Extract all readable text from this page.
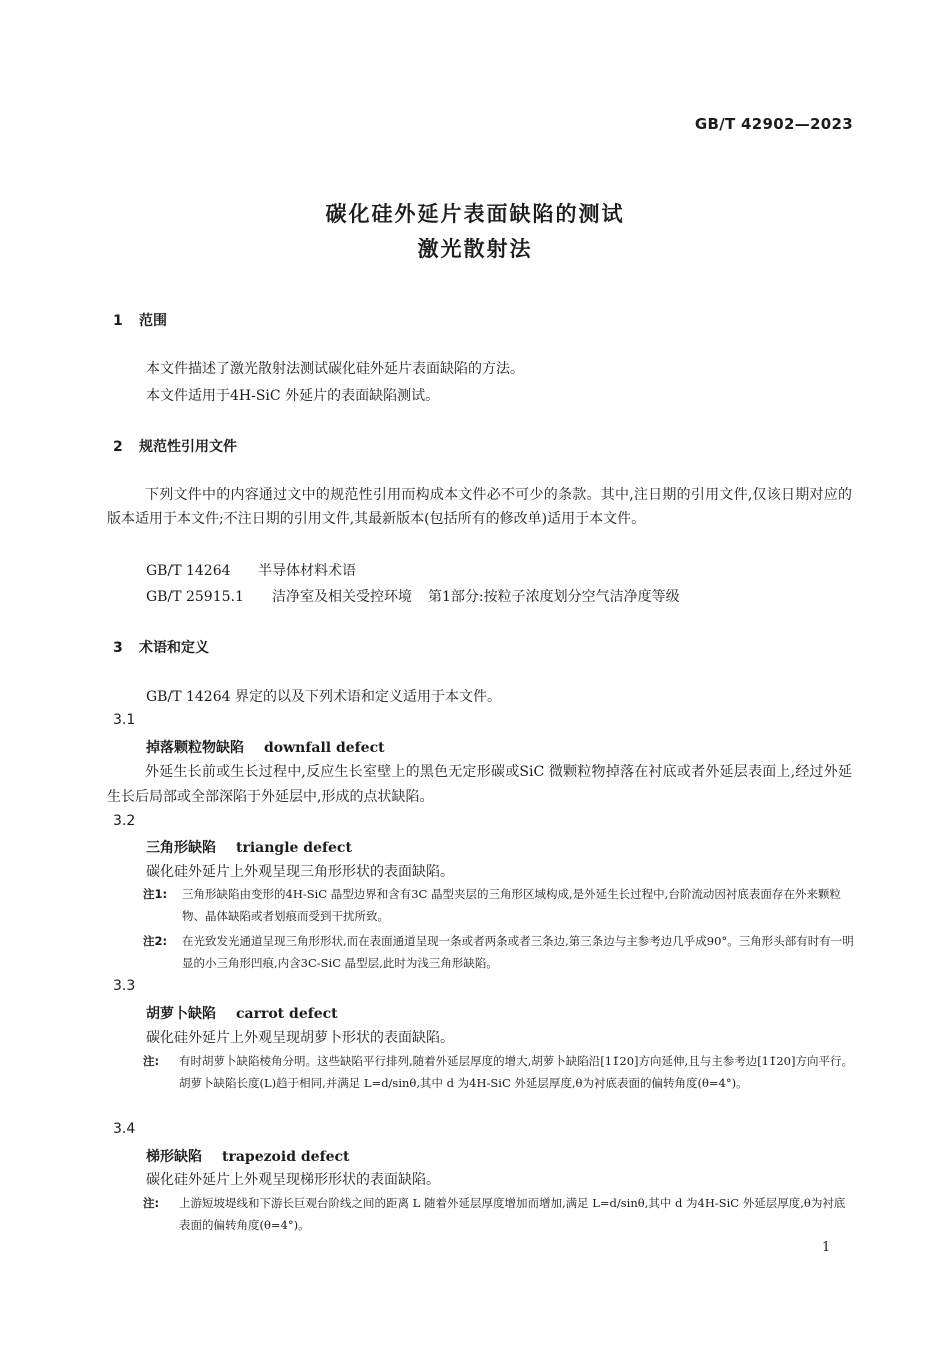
GB/T 42902—2023
碳化硅外延片表面缺陷的测试
激光散射法
1 范围
本文件描述了激光散射法测试碳化硅外延片表面缺陷的方法。
本文件适用于4H-SiC 外延片的表面缺陷测试。
2 规范性引用文件
下列文件中的内容通过文中的规范性引用而构成本文件必不可少的条款。其中,注日期的引用文件,仅该日期对应的版本适用于本文件;不注日期的引用文件,其最新版本(包括所有的修改单)适用于本文件。
GB/T 14264 半导体材料术语
GB/T 25915.1 洁净室及相关受控环境 第1部分:按粒子浓度划分空气洁净度等级
3 术语和定义
GB/T 14264 界定的以及下列术语和定义适用于本文件。
3.1
掉落颗粒物缺陷 downfall defect
外延生长前或生长过程中,反应生长室壁上的黑色无定形碳或SiC 微颗粒物掉落在衬底或者外延层表面上,经过外延生长后局部或全部深陷于外延层中,形成的点状缺陷。
3.2
三角形缺陷 triangle defect
碳化硅外延片上外观呈现三角形形状的表面缺陷。
注1:	三角形缺陷由变形的4H-SiC 晶型边界和含有3C 晶型夹层的三角形区域构成,是外延生长过程中,台阶流动因衬底表面存在外来颗粒物、晶体缺陷或者划痕而受到干扰所致。
注2:	在光致发光通道呈现三角形形状,而在表面通道呈现一条或者两条或者三条边,第三条边与主参考边几乎成90°。三角形头部有时有一明显的小三角形凹痕,内含3C-SiC 晶型层,此时为浅三角形缺陷。
3.3
胡萝卜缺陷 carrot defect
碳化硅外延片上外观呈现胡萝卜形状的表面缺陷。
注:	有时胡萝卜缺陷棱角分明。这些缺陷平行排列,随着外延层厚度的增大,胡萝卜缺陷沿[11̄20]方向延伸,且与主参考边[11̄20]方向平行。胡萝卜缺陷长度(L)趋于相同,并满足 L=d/sinθ,其中 d 为4H-SiC 外延层厚度,θ为衬底表面的偏转角度(θ=4°)。
3.4
梯形缺陷 trapezoid defect
碳化硅外延片上外观呈现梯形形状的表面缺陷。
注:	上游短坡堤线和下游长巨观台阶线之间的距离 L 随着外延层厚度增加而增加,满足 L=d/sinθ,其中 d 为4H-SiC 外延层厚度,θ为衬底表面的偏转角度(θ=4°)。
1
